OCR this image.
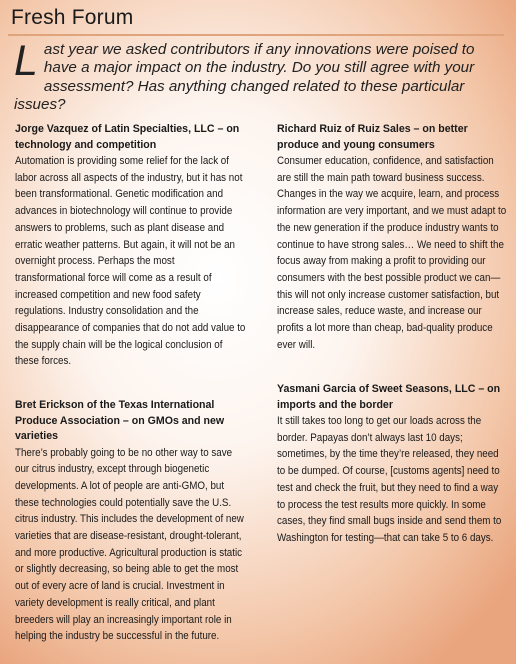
Fresh Forum
Last year we asked contributors if any innovations were poised to have a major impact on the industry. Do you still agree with your assessment? Has anything changed related to these particular issues?
Jorge Vazquez of Latin Specialties, LLC – on technology and competition
Automation is providing some relief for the lack of labor across all aspects of the industry, but it has not been transformational. Genetic modification and advances in biotechnology will continue to provide answers to problems, such as plant disease and erratic weather patterns. But again, it will not be an overnight process. Perhaps the most transformational force will come as a result of increased competition and new food safety regulations. Industry consolidation and the disappearance of companies that do not add value to the supply chain will be the logical conclusion of these forces.
Bret Erickson of the Texas International Produce Association – on GMOs and new varieties
There’s probably going to be no other way to save our citrus industry, except through biogenetic developments. A lot of people are anti-GMO, but these technologies could potentially save the U.S. citrus industry. This includes the development of new varieties that are disease-resistant, drought-tolerant, and more productive. Agricultural production is static or slightly decreasing, so being able to get the most out of every acre of land is crucial. Investment in variety development is really critical, and plant breeders will play an increasingly important role in helping the industry be successful in the future.
Richard Ruiz of Ruiz Sales – on better produce and young consumers
Consumer education, confidence, and satisfaction are still the main path toward business success. Changes in the way we acquire, learn, and process information are very important, and we must adapt to the new generation if the produce industry wants to continue to have strong sales… We need to shift the focus away from making a profit to providing our consumers with the best possible product we can—this will not only increase customer satisfaction, but increase sales, reduce waste, and increase our profits a lot more than cheap, bad-quality produce ever will.
Yasmani Garcia of Sweet Seasons, LLC – on imports and the border
It still takes too long to get our loads across the border. Papayas don’t always last 10 days; sometimes, by the time they’re released, they need to be dumped. Of course, [customs agents] need to test and check the fruit, but they need to find a way to process the test results more quickly. In some cases, they find small bugs inside and send them to Washington for testing—that can take 5 to 6 days.
